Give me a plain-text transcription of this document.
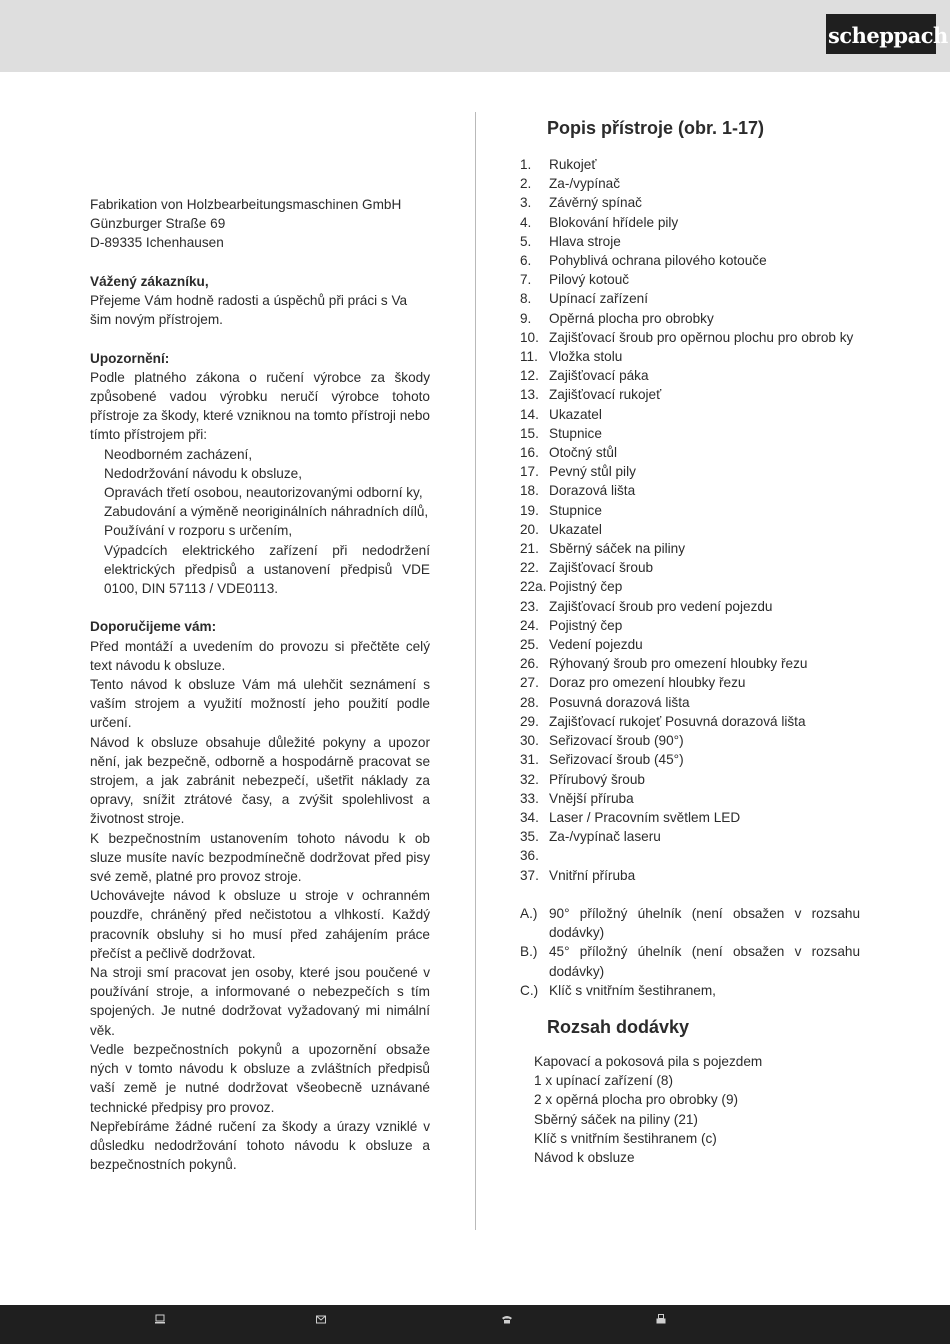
scheppach

Fabrikation von Holzbearbeitungsmaschinen GmbH

Günzburger Straße 69

D-89335 Ichenhausen

Vážený zákazníku,

Přejeme Vám hodně radosti a úspěchů při práci s Va šim novým přístrojem.

Upozornění:

Podle platného zákona o ručení výrobce za škody způsobené vadou výrobku neručí výrobce tohoto přístroje za škody, které vzniknou na tomto přístroji nebo tímto přístrojem při:

Neodborném zacházení,

Nedodržování návodu k obsluze,

Opravách třetí osobou, neautorizovanými odborní ky,

Zabudování a výměně neoriginálních náhradních dílů,

Používání v rozporu s určením,

Výpadcích elektrického zařízení při nedodržení elektrických předpisů a ustanovení předpisů VDE 0100, DIN 57113 / VDE0113.

Doporučijeme vám:

Před montáží a uvedením do provozu si přečtěte celý text návodu k obsluze.

Tento návod k obsluze Vám má ulehčit seznámení s vaším strojem a využití možností jeho použití podle určení.

Návod k obsluze obsahuje důležité pokyny a upozor nění, jak bezpečně, odborně a hospodárně pracovat se strojem, a jak zabránit nebezpečí, ušetřit náklady za opravy, snížit ztrátové časy, a zvýšit spolehlivost a životnost stroje.

K bezpečnostním ustanovením tohoto návodu k ob sluze musíte navíc bezpodmínečně dodržovat před pisy své země, platné pro provoz stroje.

Uchovávejte návod k obsluze u stroje v ochranném pouzdře, chráněný před nečistotou a vlhkostí. Každý pracovník obsluhy si ho musí před zahájením práce přečíst a pečlivě dodržovat.

Na stroji smí pracovat jen osoby, které jsou poučené v používání stroje, a informované o nebezpečích s tím spojených. Je nutné dodržovat vyžadovaný mi nimální věk.

Vedle bezpečnostních pokynů a upozornění obsaže ných v tomto návodu k obsluze a zvláštních předpisů vaší země je nutné dodržovat všeobecně uznávané technické předpisy pro provoz.

Nepřebíráme žádné ručení za škody a úrazy vzniklé v důsledku nedodržování tohoto návodu k obsluze a bezpečnostních pokynů.

Popis přístroje (obr. 1-17)
1.	Rukojeť
2.	Za-/vypínač
3.	Závěrný spínač
4.	Blokování hřídele pily
5.	Hlava stroje
6.	Pohyblivá ochrana pilového kotouče
7.	Pilový kotouč
8.	Upínací zařízení
9.	Opěrná plocha pro obrobky
10. Zajišťovací šroub pro opěrnou plochu pro obrob ky
11. Vložka stolu
12. Zajišťovací páka
13. Zajišťovací rukojeť
14. Ukazatel
15. Stupnice
16. Otočný stůl
17. Pevný stůl pily
18. Dorazová lišta
19. Stupnice
20. Ukazatel
21. Sběrný sáček na piliny
22. Zajišťovací šroub
22a. Pojistný čep
23. Zajišťovací šroub pro vedení pojezdu
24. Pojistný čep
25. Vedení pojezdu
26. Rýhovaný šroub pro omezení hloubky řezu
27. Doraz pro omezení hloubky řezu
28. Posuvná dorazová lišta
29. Zajišťovací rukojeť Posuvná dorazová lišta
30. Seřizovací šroub (90°)
31. Seřizovací šroub (45°)
32. Přírubový šroub
33. Vnější příruba
34. Laser / Pracovním světlem LED
35. Za-/vypínač laseru
36.

37. Vnitřní příruba
A.) 90° příložný úhelník (není obsažen v rozsahu dodávky)
B.) 45° příložný úhelník (není obsažen v rozsahu dodávky)
C.) Klíč s vnitřním šestihranem,
Rozsah dodávky

Kapovací a pokosová pila s pojezdem

1 x upínací zařízení (8)

2 x opěrná plocha pro obrobky (9)

Sběrný sáček na piliny (21)

Klíč s vnitřním šestihranem (c)

Návod k obsluze
